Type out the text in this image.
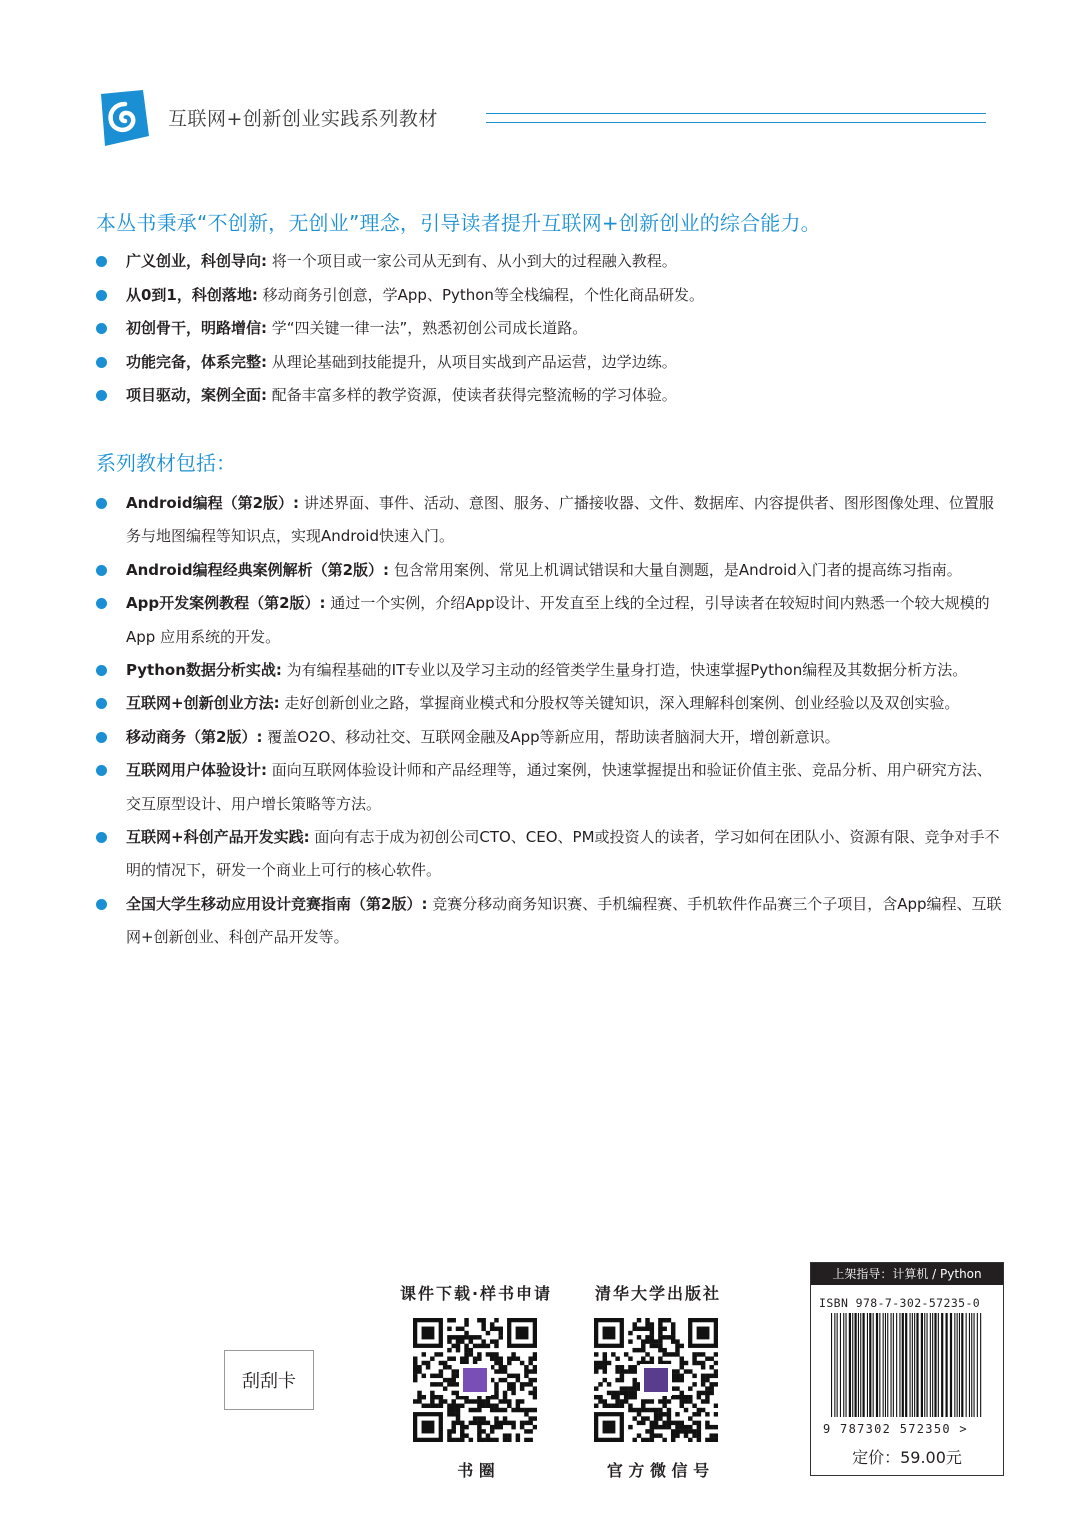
互联网+创新创业实践系列教材
本丛书秉承“不创新，无创业”理念，引导读者提升互联网+创新创业的综合能力。
广义创业，科创导向: 将一个项目或一家公司从无到有、从小到大的过程融入教程。
从0到1，科创落地: 移动商务引创意，学App、Python等全栈编程，个性化商品研发。
初创骨干，明路增信: 学“四关键一律一法”，熟悉初创公司成长道路。
功能完备，体系完整: 从理论基础到技能提升，从项目实战到产品运营，边学边练。
项目驱动，案例全面: 配备丰富多样的教学资源，使读者获得完整流畅的学习体验。
系列教材包括：
Android编程（第2版）: 讲述界面、事件、活动、意图、服务、广播接收器、文件、数据库、内容提供者、图形图像处理、位置服务与地图编程等知识点，实现Android快速入门。
Android编程经典案例解析（第2版）: 包含常用案例、常见上机调试错误和大量自测题，是Android入门者的提高练习指南。
App开发案例教程（第2版）: 通过一个实例，介绍App设计、开发直至上线的全过程，引导读者在较短时间内熟悉一个较大规模的App 应用系统的开发。
Python数据分析实战: 为有编程基础的IT专业以及学习主动的经管类学生量身打造，快速掌握Python编程及其数据分析方法。
互联网+创新创业方法: 走好创新创业之路，掌握商业模式和分股权等关键知识，深入理解科创案例、创业经验以及双创实验。
移动商务（第2版）: 覆盖O2O、移动社交、互联网金融及App等新应用，帮助读者脑洞大开，增创新意识。
互联网用户体验设计: 面向互联网体验设计师和产品经理等，通过案例，快速掌握提出和验证价值主张、竞品分析、用户研究方法、交互原型设计、用户增长策略等方法。
互联网+科创产品开发实践: 面向有志于成为初创公司CTO、CEO、PM或投资人的读者，学习如何在团队小、资源有限、竞争对手不明的情况下，研发一个商业上可行的核心软件。
全国大学生移动应用设计竞赛指南（第2版）: 竞赛分移动商务知识赛、手机编程赛、手机软件作品赛三个子项目，含App编程、互联网+创新创业、科创产品开发等。
刮刮卡
课件下载·样书申请
书 圈
清华大学出版社
官 方 微 信 号
上架指导：计算机 / Python
ISBN 978-7-302-57235-0
9 787302 572350 >
定价：59.00元
